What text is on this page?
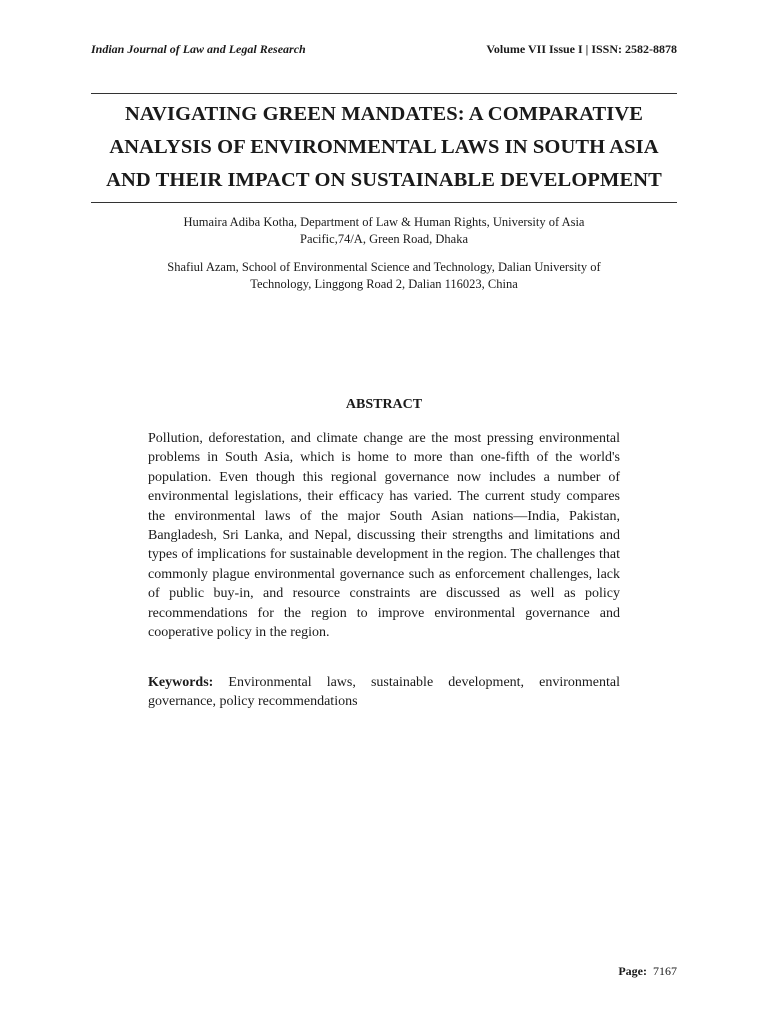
Indian Journal of Law and Legal Research	Volume VII Issue I | ISSN: 2582-8878
NAVIGATING GREEN MANDATES: A COMPARATIVE
ANALYSIS OF ENVIRONMENTAL LAWS IN SOUTH ASIA
AND THEIR IMPACT ON SUSTAINABLE DEVELOPMENT
Humaira Adiba Kotha, Department of Law & Human Rights, University of Asia
Pacific,74/A, Green Road, Dhaka
Shafiul Azam, School of Environmental Science and Technology, Dalian University of
Technology, Linggong Road 2, Dalian 116023, China
ABSTRACT

Pollution, deforestation, and climate change are the most pressing environmental problems in South Asia, which is home to more than one-fifth of the world's population. Even though this regional governance now includes a number of environmental legislations, their efficacy has varied. The current study compares the environmental laws of the major South Asian nations—India, Pakistan, Bangladesh, Sri Lanka, and Nepal, discussing their strengths and limitations and types of implications for sustainable development in the region. The challenges that commonly plague environmental governance such as enforcement challenges, lack of public buy-in, and resource constraints are discussed as well as policy recommendations for the region to improve environmental governance and cooperative policy in the region.

Keywords: Environmental laws, sustainable development, environmental governance, policy recommendations

Page: 7167
